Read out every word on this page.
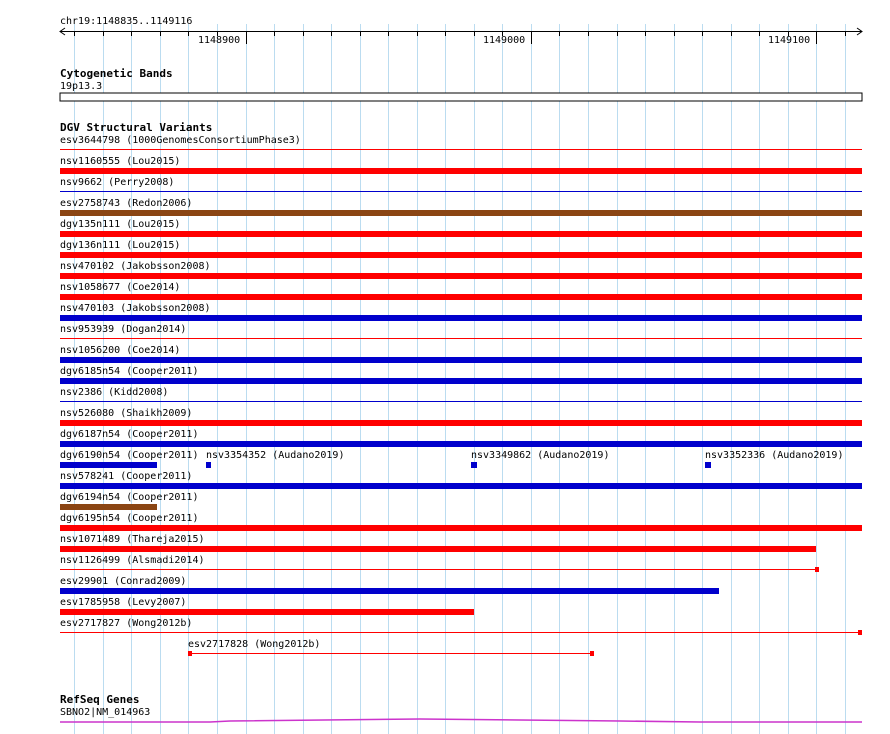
chr19:1148835..1149116
1148900	1149000	1149100
Cytogenetic Bands
19p13.3
DGV Structural Variants
esv3644798 (1000GenomesConsortiumPhase3)
nsv1160555 (Lou2015)
nsv9662 (Perry2008)
esv2758743 (Redon2006)
dgv135n111 (Lou2015)
dgv136n111 (Lou2015)
nsv470102 (Jakobsson2008)
nsv1058677 (Coe2014)
nsv470103 (Jakobsson2008)
nsv953939 (Dogan2014)
nsv1056200 (Coe2014)
dgv6185n54 (Cooper2011)
nsv2386 (Kidd2008)
nsv526080 (Shaikh2009)
dgv6187n54 (Cooper2011)
dgv6190n54 (Cooper2011) nsv3354352 (Audano2019)	nsv3349862 (Audano2019)	nsv3352336 (Audano2019)
nsv578241 (Cooper2011)
dgv6194n54 (Cooper2011)
dgv6195n54 (Cooper2011)
nsv1071489 (Thareja2015)
nsv1126499 (Alsmadi2014)
esv29901 (Conrad2009)
esv1785958 (Levy2007)
esv2717827 (Wong2012b)
esv2717828 (Wong2012b)
RefSeq Genes
SBNO2|NM_014963
